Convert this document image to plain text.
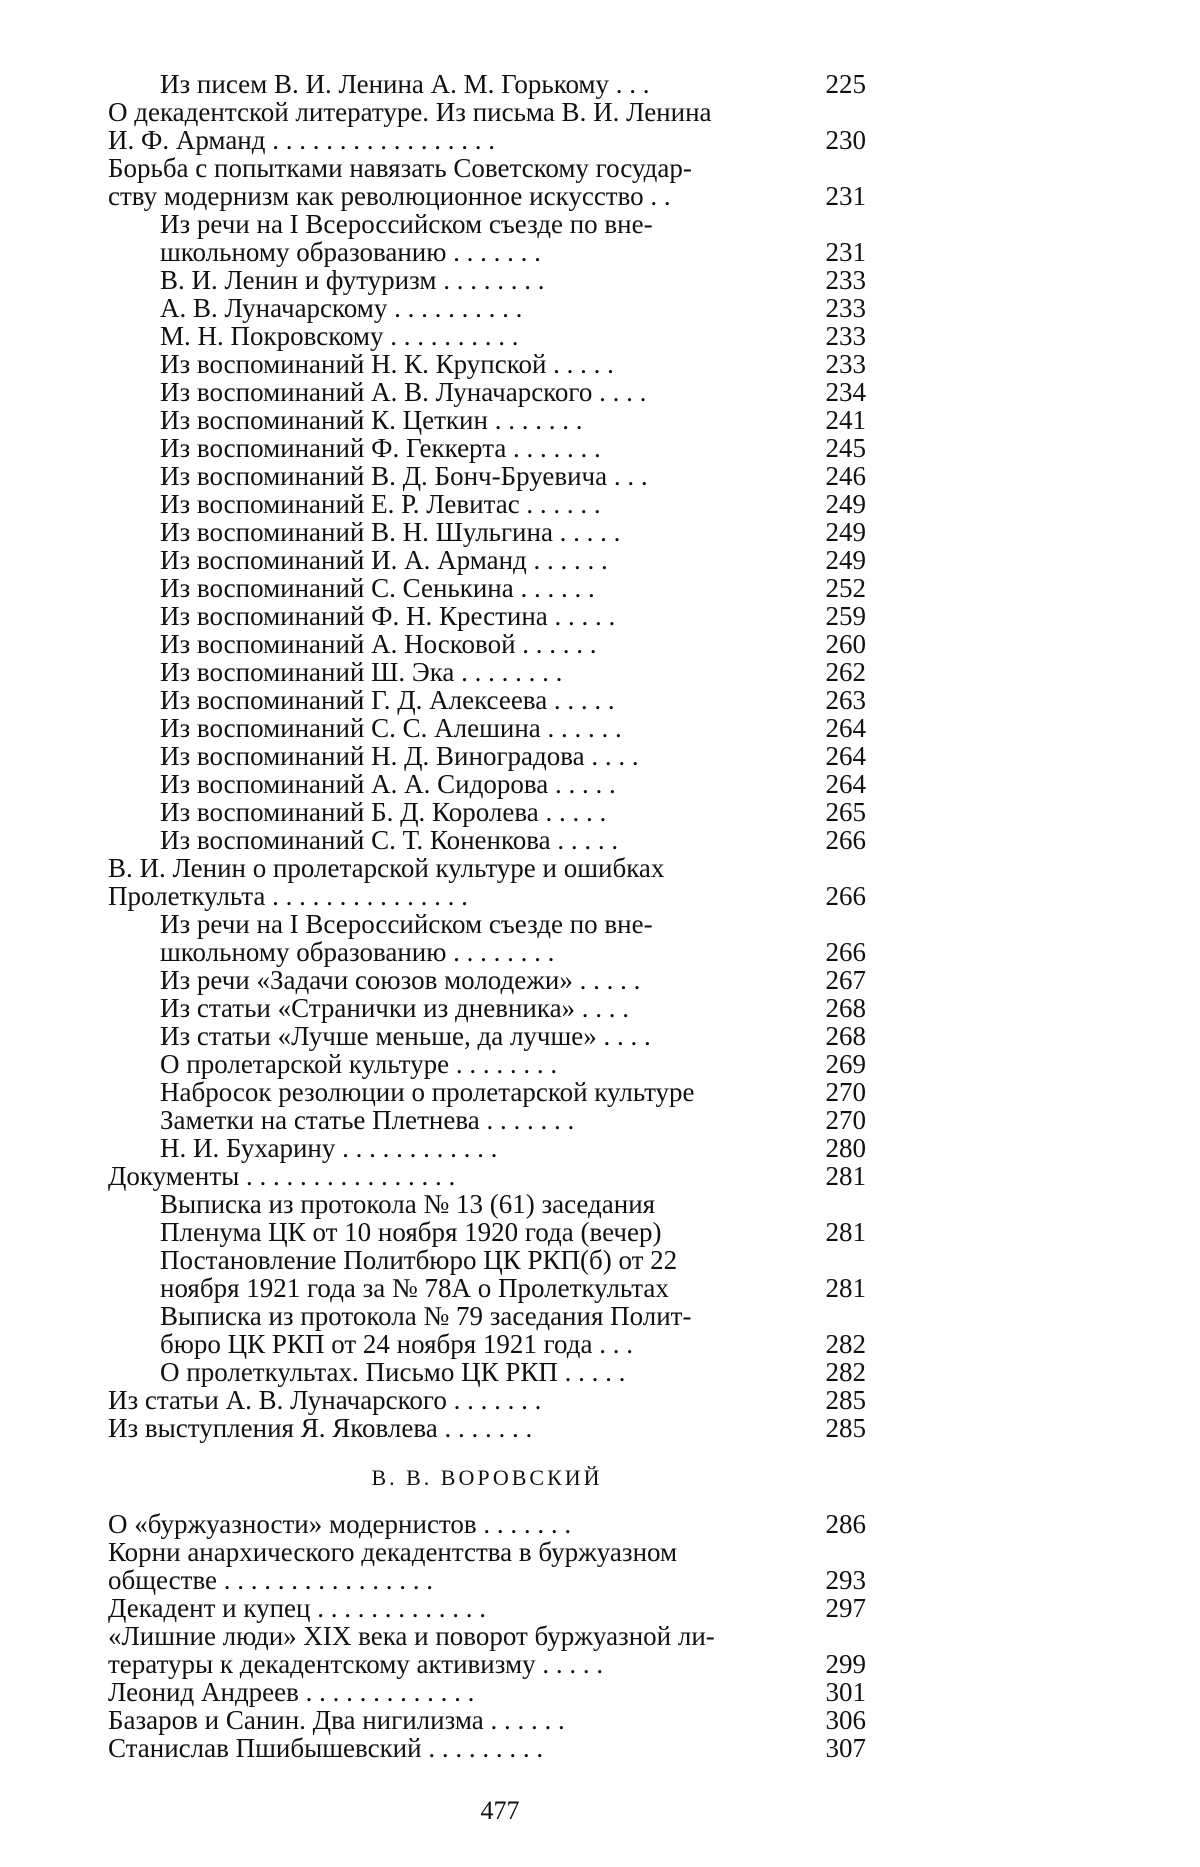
Из писем В. И. Ленина А. М. Горькому . . .	225
О декадентской литературе. Из письма В. И. Ленина
И. Ф. Арманд . . . . . . . . . . . . . . . . .	230
Борьба с попытками навязать Советскому государ-
ству модернизм как революционное искусство . .	231
Из речи на I Всероссийском съезде по вне-
школьному образованию . . . . . . .	231
В. И. Ленин и футуризм . . . . . . . .	233
А. В. Луначарскому . . . . . . . . . .	233
М. Н. Покровскому . . . . . . . . . .	233
Из воспоминаний Н. К. Крупской . . . . .	233
Из воспоминаний А. В. Луначарского . . . .	234
Из воспоминаний К. Цеткин . . . . . . .	241
Из воспоминаний Ф. Геккерта . . . . . . .	245
Из воспоминаний В. Д. Бонч-Бруевича . . .	246
Из воспоминаний Е. Р. Левитас . . . . . .	249
Из воспоминаний В. Н. Шульгина . . . . .	249
Из воспоминаний И. А. Арманд . . . . . .	249
Из воспоминаний С. Сенькина . . . . . .	252
Из воспоминаний Ф. Н. Крестина . . . . .	259
Из воспоминаний А. Носковой . . . . . .	260
Из воспоминаний Ш. Эка . . . . . . . .	262
Из воспоминаний Г. Д. Алексеева . . . . .	263
Из воспоминаний С. С. Алешина . . . . . .	264
Из воспоминаний Н. Д. Виноградова . . . .	264
Из воспоминаний А. А. Сидорова . . . . .	264
Из воспоминаний Б. Д. Королева . . . . .	265
Из воспоминаний С. Т. Коненкова . . . . .	266
В. И. Ленин о пролетарской культуре и ошибках
Пролеткульта . . . . . . . . . . . . . . .	266
Из речи на I Всероссийском съезде по вне-
школьному образованию . . . . . . . .	266
Из речи «Задачи союзов молодежи» . . . . .	267
Из статьи «Странички из дневника» . . . .	268
Из статьи «Лучше меньше, да лучше» . . . .	268
О пролетарской культуре . . . . . . . .	269
Набросок резолюции о пролетарской культуре	270
Заметки на статье Плетнева . . . . . . .	270
Н. И. Бухарину . . . . . . . . . . . .	280
Документы . . . . . . . . . . . . . . . .	281
Выписка из протокола № 13 (61) заседания
Пленума ЦК от 10 ноября 1920 года (вечер)	281
Постановление Политбюро ЦК РКП(б) от 22
ноября 1921 года за № 78А о Пролеткультах	281
Выписка из протокола № 79 заседания Полит-
бюро ЦК РКП от 24 ноября 1921 года . . .	282
О пролеткультах. Письмо ЦК РКП . . . . .	282
Из статьи А. В. Луначарского . . . . . . .	285
Из выступления Я. Яковлева . . . . . . .	285
В. В. ВОРОВСКИЙ
О «буржуазности» модернистов . . . . . . .	286
Корни анархического декадентства в буржуазном
обществе . . . . . . . . . . . . . . . .	293
Декадент и купец . . . . . . . . . . . . .	297
«Лишние люди» XIX века и поворот буржуазной ли-
тературы к декадентскому активизму . . . . .	299
Леонид Андреев . . . . . . . . . . . . .	301
Базаров и Санин. Два нигилизма . . . . . .	306
Станислав Пшибышевский . . . . . . . . .	307
477
